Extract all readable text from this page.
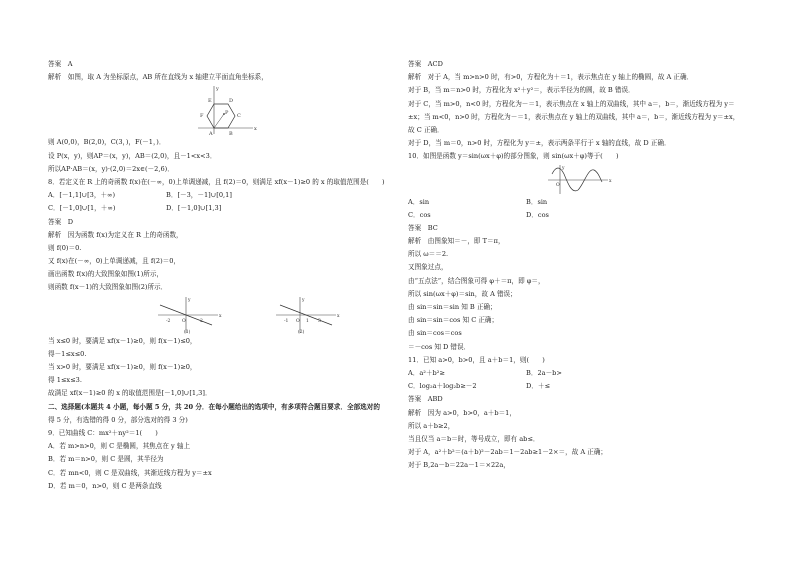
答案　A
解析　如图，取 A 为坐标原点，AB 所在直线为 x 轴建立平面直角坐标系，
E	D
F	C
P
A	B
x
y
则 A(0,0)，B(2,0)，C(3，)，F(－1，)．
设 P(x，y)，则AP＝(x，y)，AB＝(2,0)，且－1<x<3．
所以AP·AB＝(x，y)·(2,0)＝2x∈(－2,6)．
8．若定义在 R 上的奇函数 f(x)在(－∞，0)上单调递减，且 f(2)＝0，则满足 xf(x－1)≥0 的 x 的取值范围是(　　)
A．[－1,1]∪[3，＋∞)	B．[－3，－1]∪[0,1]
C．[－1,0]∪[1，＋∞)	D．[－1,0]∪[1,3]
答案　D
解析　因为函数 f(x)为定义在 R 上的奇函数，
则 f(0)＝0.
又 f(x)在(－∞，0)上单调递减，且 f(2)＝0，
画出函数 f(x)的大致图象如图(1)所示，
则函数 f(x－1)的大致图象如图(2)所示．
-2	O	2
x
y
(1)
-1 O 1 3
x
y
(2)
当 x≤0 时，要满足 xf(x－1)≥0，则 f(x－1)≤0，
得－1≤x≤0.
当 x>0 时，要满足 xf(x－1)≥0，则 f(x－1)≥0，
得 1≤x≤3.
故满足 xf(x－1)≥0 的 x 的取值范围是[－1,0]∪[1,3]．
二、选择题(本题共 4 小题，每小题 5 分，共 20 分．在每小题给出的选项中，有多项符合题目要求．全部选对的
得 5 分，有选错的得 0 分，部分选对的得 3 分)
9．已知曲线 C：mx²＋ny²＝1(　　)
A．若 m>n>0，则 C 是椭圆，其焦点在 y 轴上
B．若 m＝n>0，则 C 是圆，其半径为
C．若 mn<0，则 C 是双曲线，其渐近线方程为 y＝±x
D．若 m＝0，n>0，则 C 是两条直线
答案　ACD
解析　对于 A，当 m>n>0 时，有>0，方程化为＋＝1，表示焦点在 y 轴上的椭圆，故 A 正确．
对于 B，当 m＝n>0 时，方程化为 x²＋y²＝，表示半径为的圆，故 B 错误．
对于 C，当 m>0，n<0 时，方程化为－＝1，表示焦点在 x 轴上的双曲线，其中 a＝，b＝，渐近线方程为 y＝
±x；当 m<0，n>0 时，方程化为－＝1，表示焦点在 y 轴上的双曲线，其中 a＝，b＝，渐近线方程为 y＝±x，
故 C 正确．
对于 D，当 m＝0，n>0 时，方程化为 y＝±，表示两条平行于 x 轴的直线，故 D 正确．
10．如图是函数 y＝sin(ωx＋φ)的部分图象，则 sin(ωx＋φ)等于(　　)
O
x
y
A．sin	B．sin
C．cos	D．cos
答案　BC
解析　由图象知＝－，即 T＝π，
所以 ω＝＝2.
又图象过点，
由“五点法”，结合图象可得 φ＋＝π，即 φ＝，
所以 sin(ωx＋φ)＝sin，故 A 错误；
由 sin＝sin＝sin 知 B 正确；
由 sin＝sin＝cos 知 C 正确；
由 sin＝cos＝cos
＝－cos 知 D 错误．
11．已知 a>0，b>0，且 a＋b＝1，则(　　)
A．a²＋b²≥	B．2a－b>
C．log₂a＋log₂b≥－2	D．＋≤
答案　ABD
解析　因为 a>0，b>0，a＋b＝1，
所以 a＋b≥2，
当且仅当 a＝b＝时，等号成立，即有 ab≤．
对于 A，a²＋b²＝(a＋b)²－2ab＝1－2ab≥1－2×＝，故 A 正确；
对于 B,2a－b＝22a－1＝×22a，
